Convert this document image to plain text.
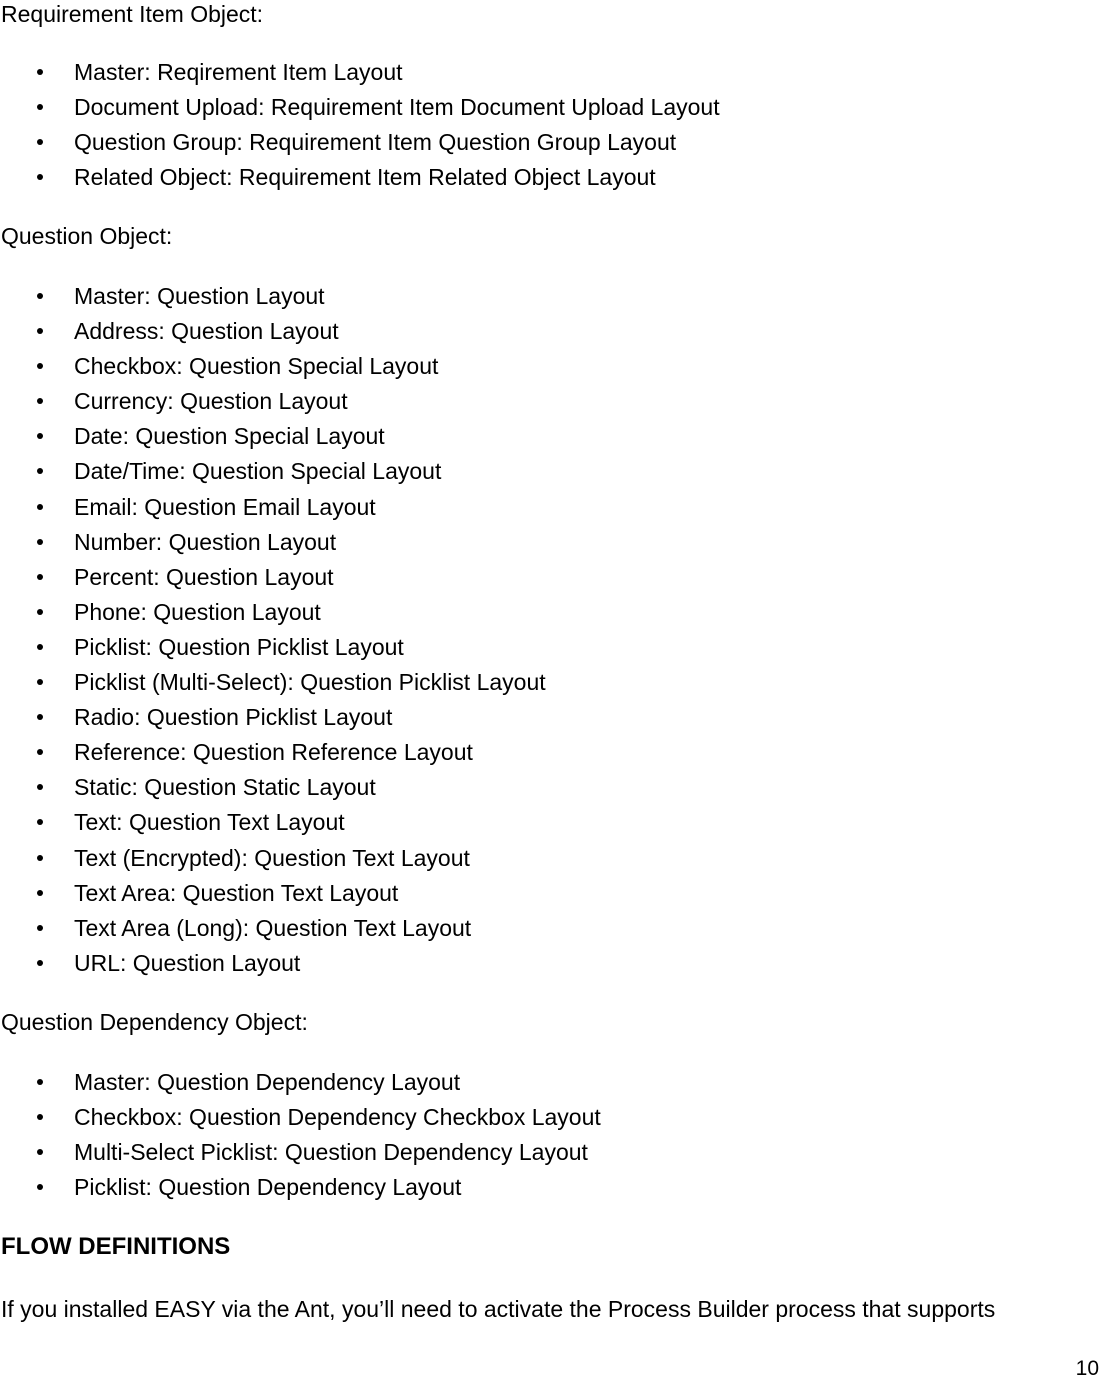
Requirement Item Object:
Master: Reqirement Item Layout
Document Upload: Requirement Item Document Upload Layout
Question Group: Requirement Item Question Group Layout
Related Object: Requirement Item Related Object Layout
Question Object:
Master: Question Layout
Address: Question Layout
Checkbox: Question Special Layout
Currency: Question Layout
Date: Question Special Layout
Date/Time: Question Special Layout
Email: Question Email Layout
Number: Question Layout
Percent: Question Layout
Phone: Question Layout
Picklist: Question Picklist Layout
Picklist (Multi-Select): Question Picklist Layout
Radio: Question Picklist Layout
Reference: Question Reference Layout
Static: Question Static Layout
Text: Question Text Layout
Text (Encrypted): Question Text Layout
Text Area: Question Text Layout
Text Area (Long): Question Text Layout
URL: Question Layout
Question Dependency Object:
Master: Question Dependency Layout
Checkbox: Question Dependency Checkbox Layout
Multi-Select Picklist: Question Dependency Layout
Picklist: Question Dependency Layout
FLOW DEFINITIONS

If you installed EASY via the Ant, you’ll need to activate the Process Builder process that supports

10
